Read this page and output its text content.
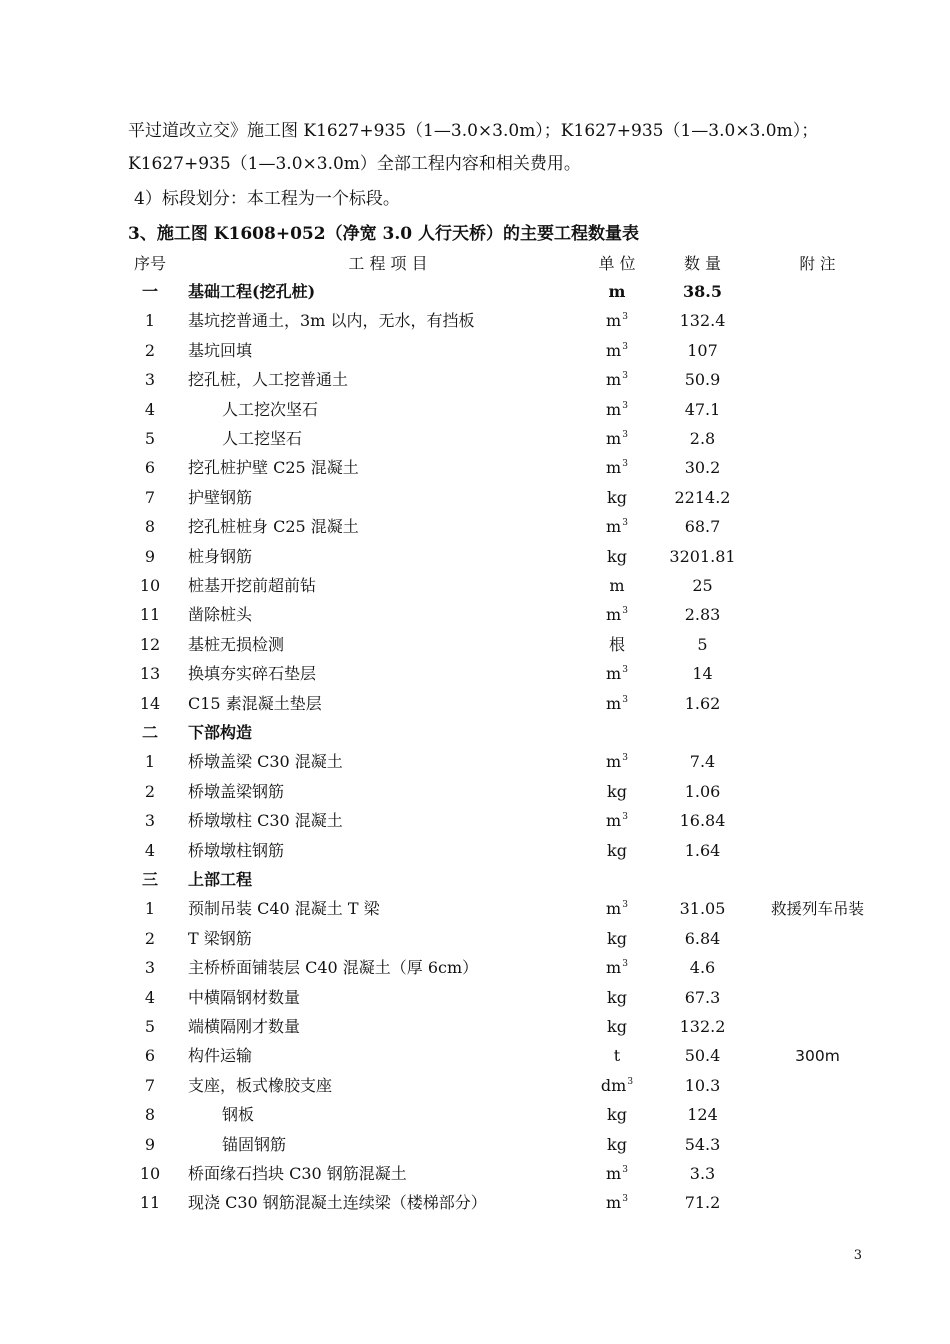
平过道改立交》施工图 K1627+935（1—3.0×3.0m）；K1627+935（1—3.0×3.0m）；
K1627+935（1—3.0×3.0m）全部工程内容和相关费用。
4）标段划分：本工程为一个标段。
3、施工图 K1608+052（净宽 3.0 人行天桥）的主要工程数量表
序号	工 程 项 目	单 位	数 量	附 注
一	基础工程(挖孔桩)	m	38.5
1	基坑挖普通土，3m 以内，无水，有挡板	$m^3$	132.4
2	基坑回填	$m^3$	107
3	挖孔桩，人工挖普通土	$m^3$	50.9
4	人工挖次坚石	$m^3$	47.1
5	人工挖坚石	$m^3$	2.8
6	挖孔桩护壁 C25 混凝土	$m^3$	30.2
7	护壁钢筋	kg	2214.2
8	挖孔桩桩身 C25 混凝土	$m^3$	68.7
9	桩身钢筋	kg	3201.81
10	桩基开挖前超前钻	m	25
11	凿除桩头	$m^3$	2.83
12	基桩无损检测	根	5
13	换填夯实碎石垫层	$m^3$	14
14	C15 素混凝土垫层	$m^3$	1.62
二	下部构造
1	桥墩盖梁 C30 混凝土	$m^3$	7.4
2	桥墩盖梁钢筋	kg	1.06
3	桥墩墩柱 C30 混凝土	$m^3$	16.84
4	桥墩墩柱钢筋	kg	1.64
三	上部工程
1	预制吊装 C40 混凝土 T 梁	$m^3$	31.05	救援列车吊装
2	T 梁钢筋	kg	6.84
3	主桥桥面铺装层 C40 混凝土（厚 6cm）	$m^3$	4.6
4	中横隔钢材数量	kg	67.3
5	端横隔刚才数量	kg	132.2
6	构件运输	t	50.4	300m
7	支座，板式橡胶支座	$dm^3$	10.3
8	钢板	kg	124
9	锚固钢筋	kg	54.3
10	桥面缘石挡块 C30 钢筋混凝土	$m^3$	3.3
11	现浇 C30 钢筋混凝土连续梁（楼梯部分）	$m^3$	71.2
3
